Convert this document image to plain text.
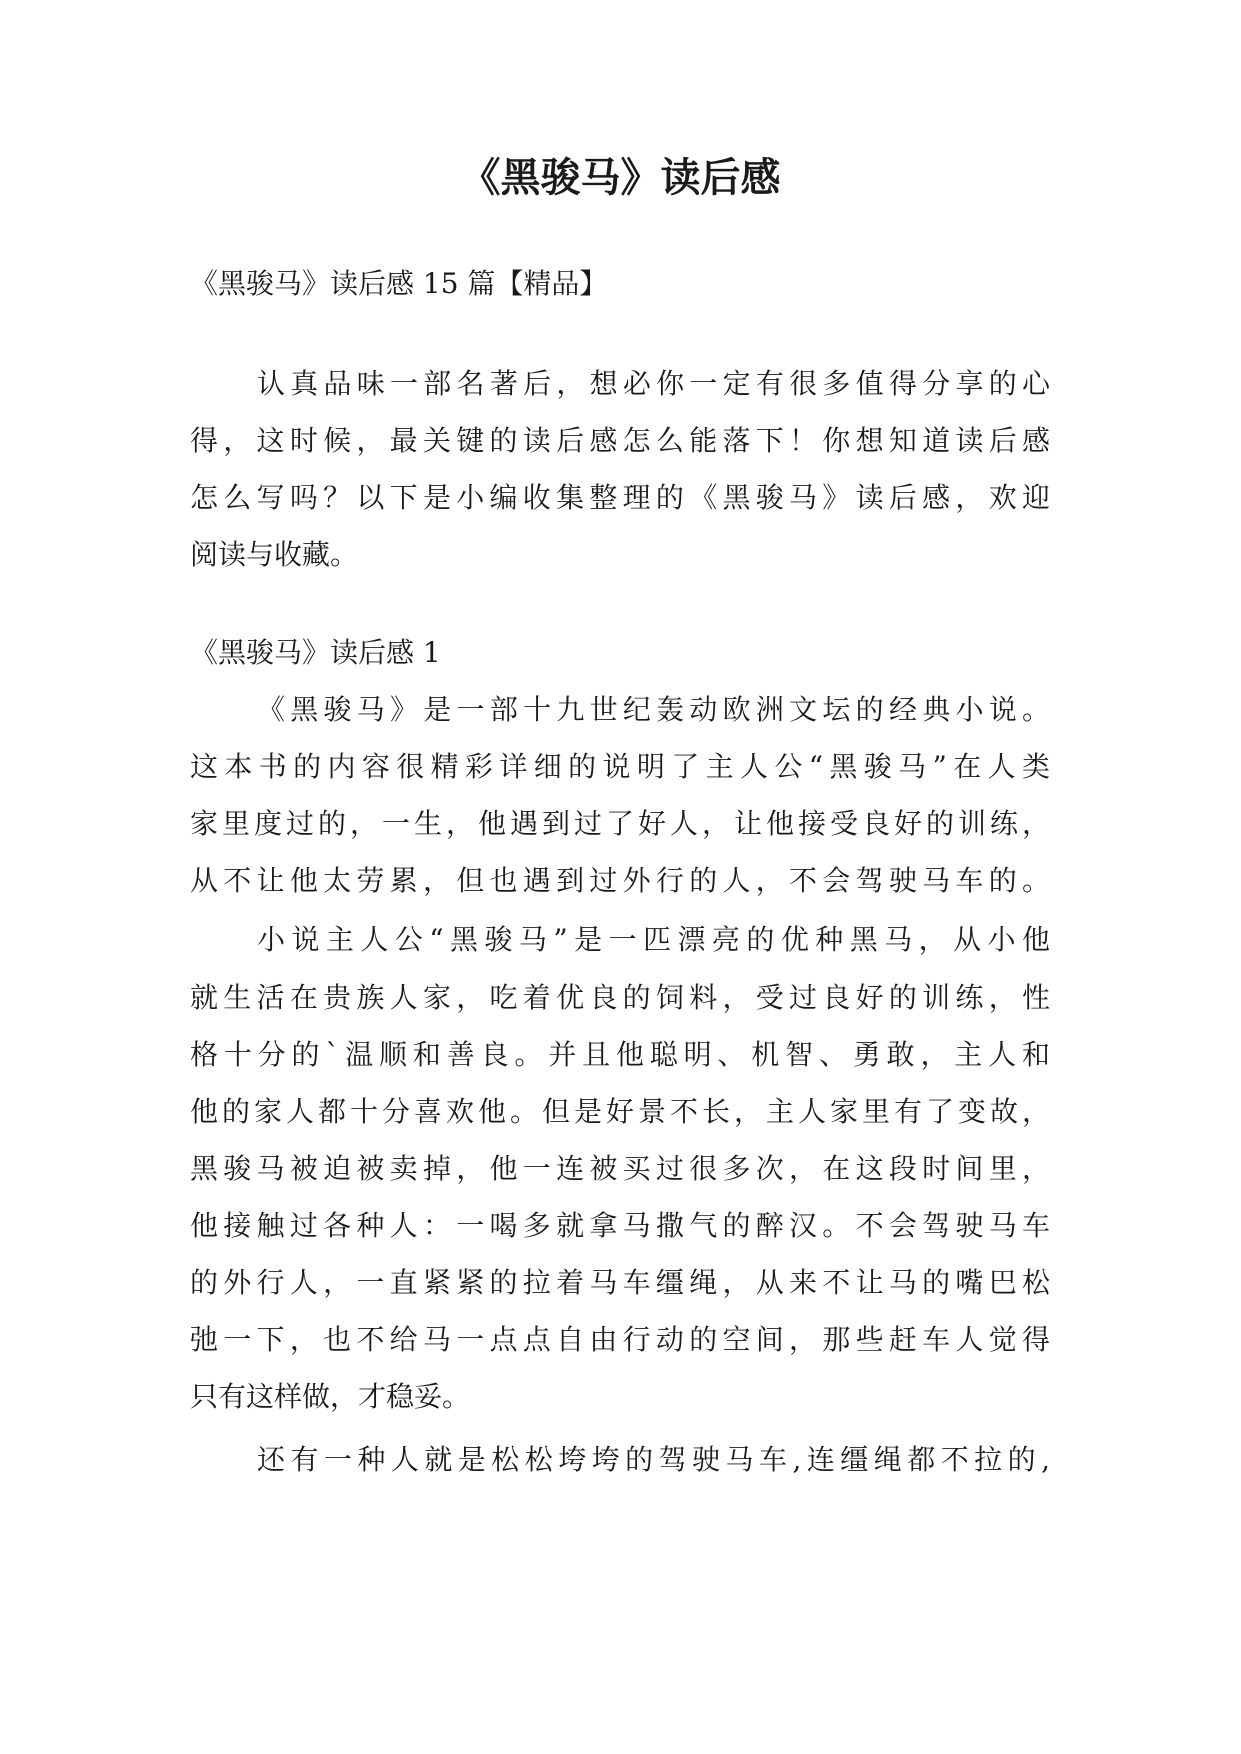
《黑骏马》读后感

《黑骏马》读后感 15 篇【精品】

认真品味一部名著后，想必你一定有很多值得分享的心

得，这时候，最关键的读后感怎么能落下！你想知道读后感

怎么写吗？以下是小编收集整理的《黑骏马》读后感，欢迎

阅读与收藏。

《黑骏马》读后感 1

《黑骏马》是一部十九世纪轰动欧洲文坛的经典小说。

这本书的内容很精彩详细的说明了主人公“黑骏马”在人类

家里度过的，一生，他遇到过了好人，让他接受良好的训练，

从不让他太劳累，但也遇到过外行的人，不会驾驶马车的。

小说主人公“黑骏马”是一匹漂亮的优种黑马，从小他

就生活在贵族人家，吃着优良的饲料，受过良好的训练，性

格十分的`温顺和善良。并且他聪明、机智、勇敢，主人和

他的家人都十分喜欢他。但是好景不长，主人家里有了变故，

黑骏马被迫被卖掉，他一连被买过很多次，在这段时间里，

他接触过各种人：一喝多就拿马撒气的醉汉。不会驾驶马车

的外行人，一直紧紧的拉着马车缰绳，从来不让马的嘴巴松

弛一下，也不给马一点点自由行动的空间，那些赶车人觉得

只有这样做，才稳妥。

还有一种人就是松松垮垮的驾驶马车,连缰绳都不拉的,
